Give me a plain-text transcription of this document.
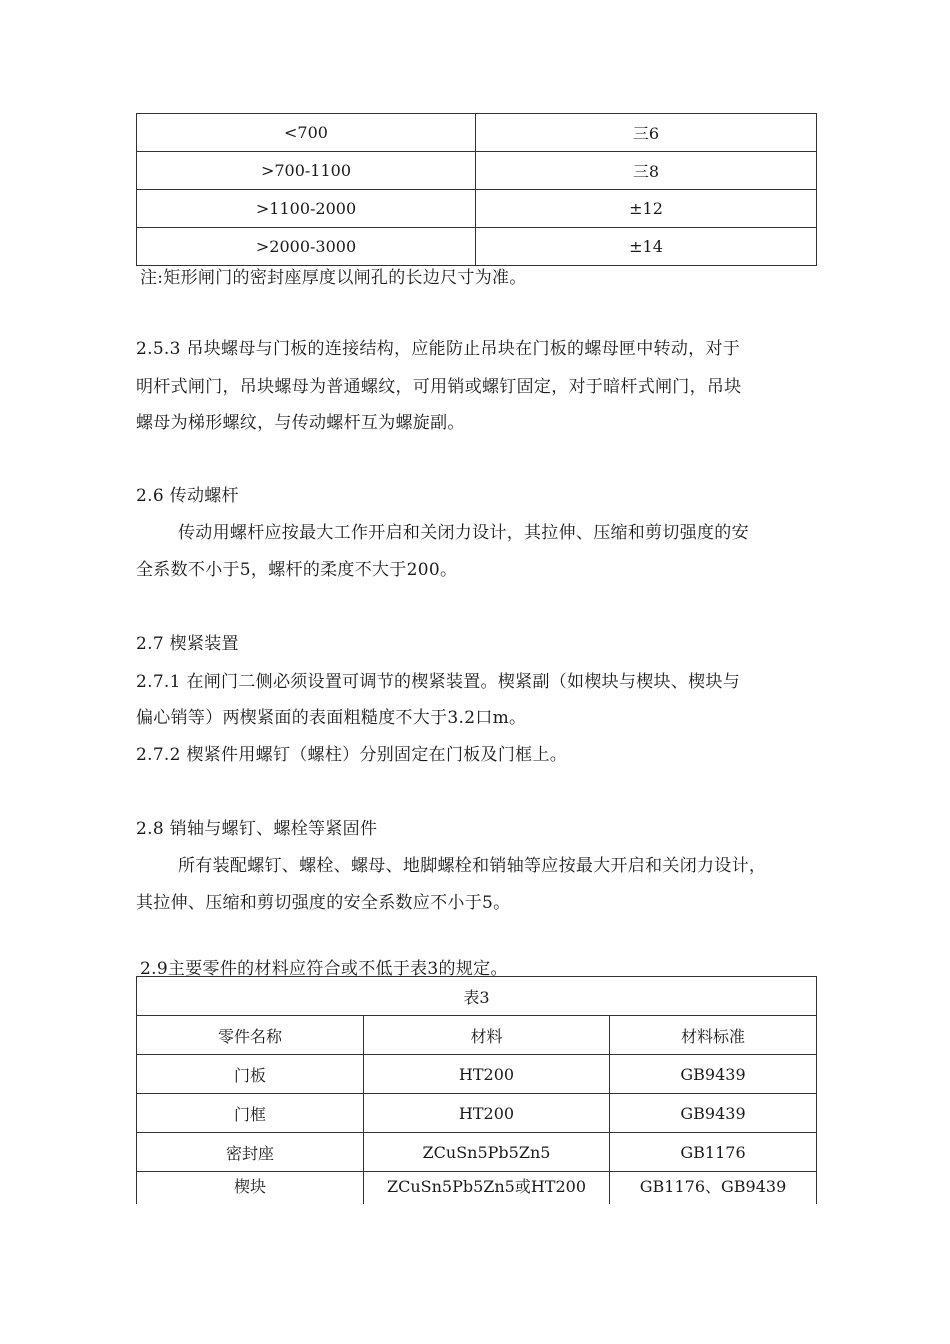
<700	三6
>700-1100	三8
>1100-2000	±12
>2000-3000	±14
注:矩形闸门的密封座厚度以闸孔的长边尺寸为准。
2.5.3 吊块螺母与门板的连接结构，应能防止吊块在门板的螺母匣中转动，对于
明杆式闸门，吊块螺母为普通螺纹，可用销或螺钉固定，对于暗杆式闸门，吊块
螺母为梯形螺纹，与传动螺杆互为螺旋副。
2.6 传动螺杆
传动用螺杆应按最大工作开启和关闭力设计，其拉伸、压缩和剪切强度的安
全系数不小于5，螺杆的柔度不大于200。
2.7 楔紧装置
2.7.1 在闸门二侧必须设置可调节的楔紧装置。楔紧副（如楔块与楔块、楔块与
偏心销等）两楔紧面的表面粗糙度不大于3.2口m。
2.7.2 楔紧件用螺钉（螺柱）分别固定在门板及门框上。
2.8 销轴与螺钉、螺栓等紧固件
所有装配螺钉、螺栓、螺母、地脚螺栓和销轴等应按最大开启和关闭力设计，
其拉伸、压缩和剪切强度的安全系数应不小于5。
2.9主要零件的材料应符合或不低于表3的规定。
表3		
零件名称	材料	材料标准
门板	HT200	GB9439
门框	HT200	GB9439
密封座	ZCuSn5Pb5Zn5	GB1176
楔块	ZCuSn5Pb5Zn5或HT200	GB1176、GB9439
